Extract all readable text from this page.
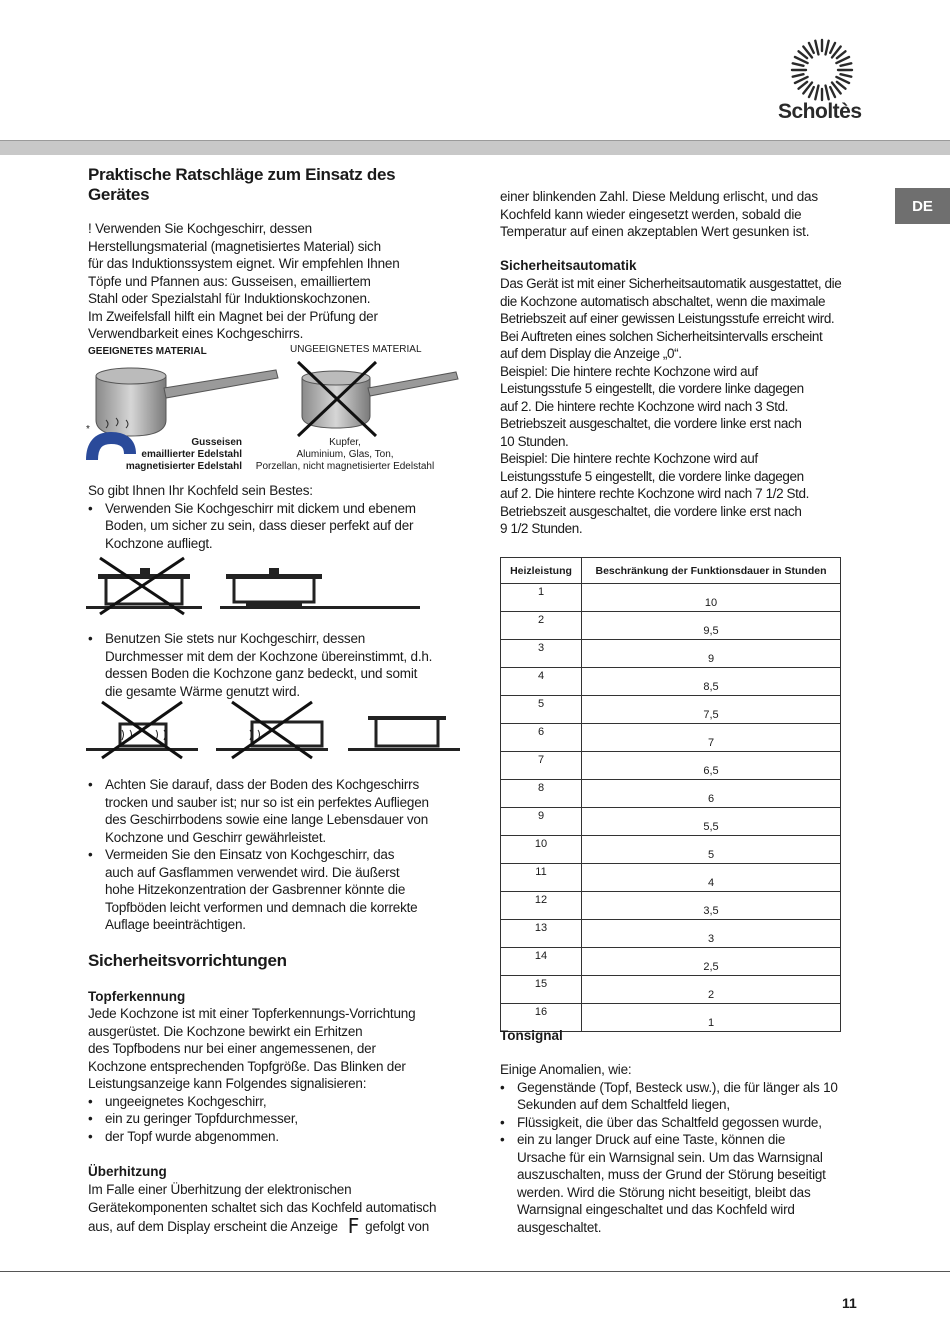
Scholtès
DE
Praktische Ratschläge zum Einsatz des
Gerätes
! Verwenden Sie Kochgeschirr, dessen
Herstellungsmaterial (magnetisiertes Material) sich
für das Induktionssystem eignet. Wir empfehlen Ihnen
Töpfe und Pfannen aus: Gusseisen, emailliertem
Stahl oder Spezialstahl für Induktionskochzonen.
Im Zweifelsfall hilft ein Magnet bei der Prüfung der
Verwendbarkeit eines Kochgeschirrs.
GEEIGNETES MATERIAL	UNGEEIGNETES MATERIAL
*
Gusseisen
emaillierter Edelstahl
magnetisierter Edelstahl
Kupfer,
Aluminium, Glas, Ton,
Porzellan, nicht magnetisierter Edelstahl
So gibt Ihnen Ihr Kochfeld sein Bestes:
• Verwenden Sie Kochgeschirr mit dickem und ebenem
Boden, um sicher zu sein, dass dieser perfekt auf der
Kochzone aufliegt.
• Benutzen Sie stets nur Kochgeschirr, dessen
Durchmesser mit dem der Kochzone übereinstimmt, d.h.
dessen Boden die Kochzone ganz bedeckt, und somit
die gesamte Wärme genutzt wird.
• Achten Sie darauf, dass der Boden des Kochgeschirrs
trocken und sauber ist; nur so ist ein perfektes Aufliegen
des Geschirrbodens sowie eine lange Lebensdauer von
Kochzone und Geschirr gewährleistet.
• Vermeiden Sie den Einsatz von Kochgeschirr, das
auch auf Gasflammen verwendet wird. Die äußerst
hohe Hitzekonzentration der Gasbrenner könnte die
Topfböden leicht verformen und demnach die korrekte
Auflage beeinträchtigen.
Sicherheitsvorrichtungen
Topferkennung
Jede Kochzone ist mit einer Topferkennungs-Vorrichtung
ausgerüstet. Die Kochzone bewirkt ein Erhitzen
des Topfbodens nur bei einer angemessenen, der
Kochzone entsprechenden Topfgröße. Das Blinken der
Leistungsanzeige kann Folgendes signalisieren:
• ungeeignetes Kochgeschirr,
• ein zu geringer Topfdurchmesser,
• der Topf wurde abgenommen.
Überhitzung
Im Falle einer Überhitzung der elektronischen
Gerätekomponenten schaltet sich das Kochfeld automatisch
aus, auf dem Display erscheint die Anzeige F gefolgt von
einer blinkenden Zahl. Diese Meldung erlischt, und das
Kochfeld kann wieder eingesetzt werden, sobald die
Temperatur auf einen akzeptablen Wert gesunken ist.
Sicherheitsautomatik
Das Gerät ist mit einer Sicherheitsautomatik ausgestattet, die
die Kochzone automatisch abschaltet, wenn die maximale
Betriebszeit auf einer gewissen Leistungsstufe erreicht wird.
Bei Auftreten eines solchen Sicherheitsintervalls erscheint
auf dem Display die Anzeige „0“.
Beispiel: Die hintere rechte Kochzone wird auf
Leistungsstufe 5 eingestellt, die vordere linke dagegen
auf 2. Die hintere rechte Kochzone wird nach 3 Std.
Betriebszeit ausgeschaltet, die vordere linke erst nach
10 Stunden.
Beispiel: Die hintere rechte Kochzone wird auf
Leistungsstufe 5 eingestellt, die vordere linke dagegen
auf 2. Die hintere rechte Kochzone wird nach 7 1/2 Std.
Betriebszeit ausgeschaltet, die vordere linke erst nach
9 1/2 Stunden.
Heizleistung	Beschränkung der Funktionsdauer in Stunden
1	10
2	9,5
3	9
4	8,5
5	7,5
6	7
7	6,5
8	6
9	5,5
10	5
11	4
12	3,5
13	3
14	2,5
15	2
16	1
Tonsignal
Einige Anomalien, wie:
• Gegenstände (Topf, Besteck usw.), die für länger als 10
Sekunden auf dem Schaltfeld liegen,
• Flüssigkeit, die über das Schaltfeld gegossen wurde,
• ein zu langer Druck auf eine Taste, können die
Ursache für ein Warnsignal sein. Um das Warnsignal
auszuschalten, muss der Grund der Störung beseitigt
werden. Wird die Störung nicht beseitigt, bleibt das
Warnsignal eingeschaltet und das Kochfeld wird
ausgeschaltet.
11
